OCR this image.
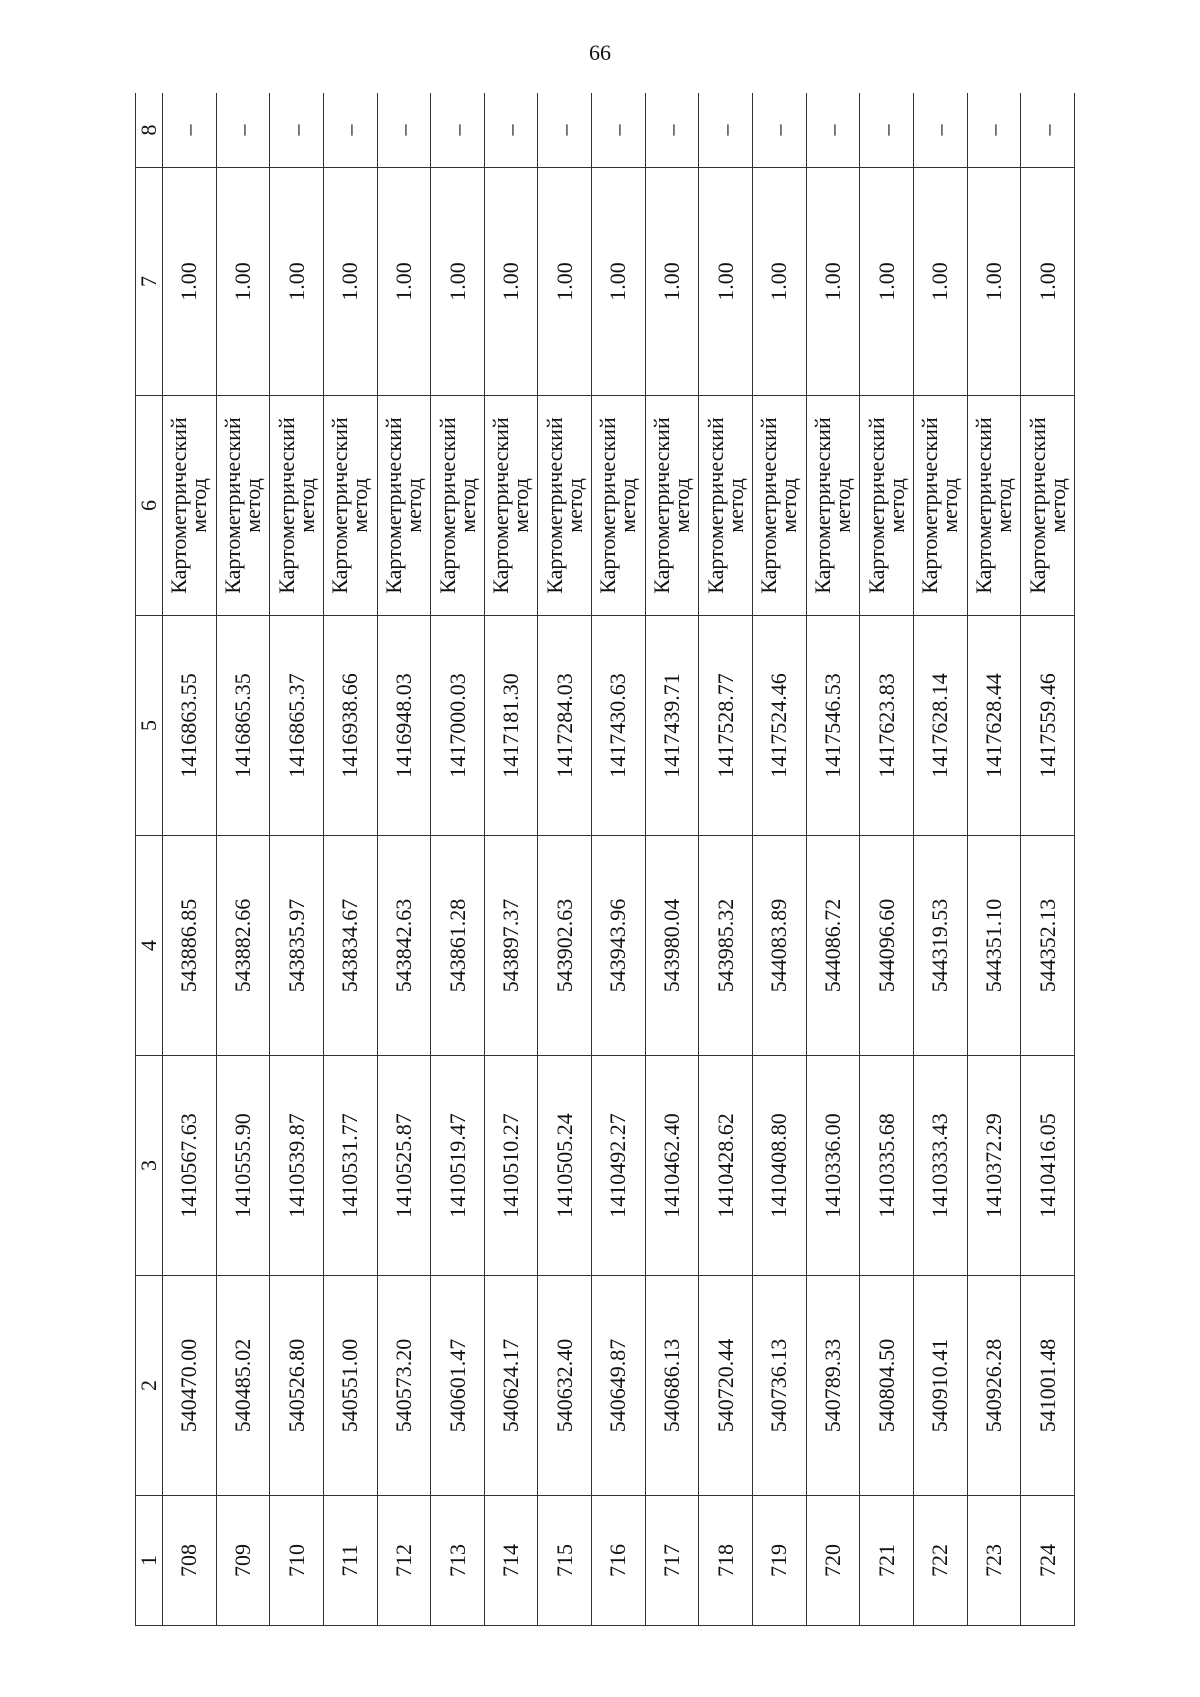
66
1	2	3	4	5	6	7	8
708	540470.00	1410567.63	543886.85	1416863.55	Картометрический метод	1.00	–
709	540485.02	1410555.90	543882.66	1416865.35	Картометрический метод	1.00	–
710	540526.80	1410539.87	543835.97	1416865.37	Картометрический метод	1.00	–
711	540551.00	1410531.77	543834.67	1416938.66	Картометрический метод	1.00	–
712	540573.20	1410525.87	543842.63	1416948.03	Картометрический метод	1.00	–
713	540601.47	1410519.47	543861.28	1417000.03	Картометрический метод	1.00	–
714	540624.17	1410510.27	543897.37	1417181.30	Картометрический метод	1.00	–
715	540632.40	1410505.24	543902.63	1417284.03	Картометрический метод	1.00	–
716	540649.87	1410492.27	543943.96	1417430.63	Картометрический метод	1.00	–
717	540686.13	1410462.40	543980.04	1417439.71	Картометрический метод	1.00	–
718	540720.44	1410428.62	543985.32	1417528.77	Картометрический метод	1.00	–
719	540736.13	1410408.80	544083.89	1417524.46	Картометрический метод	1.00	–
720	540789.33	1410336.00	544086.72	1417546.53	Картометрический метод	1.00	–
721	540804.50	1410335.68	544096.60	1417623.83	Картометрический метод	1.00	–
722	540910.41	1410333.43	544319.53	1417628.14	Картометрический метод	1.00	–
723	540926.28	1410372.29	544351.10	1417628.44	Картометрический метод	1.00	–
724	541001.48	1410416.05	544352.13	1417559.46	Картометрический метод	1.00	–
